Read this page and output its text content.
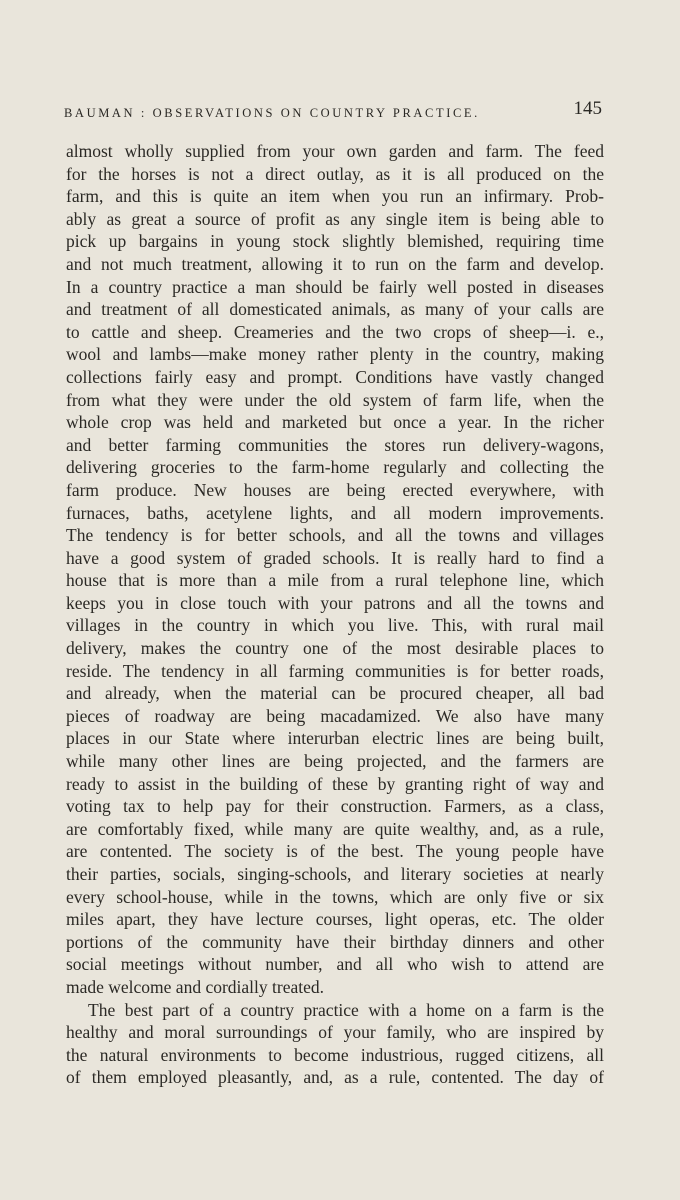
BAUMAN : OBSERVATIONS ON COUNTRY PRACTICE.	145
almost wholly supplied from your own garden and farm. The feed
for the horses is not a direct outlay, as it is all produced on the
farm, and this is quite an item when you run an infirmary. Prob-
ably as great a source of profit as any single item is being able to
pick up bargains in young stock slightly blemished, requiring time
and not much treatment, allowing it to run on the farm and develop.
In a country practice a man should be fairly well posted in diseases
and treatment of all domesticated animals, as many of your calls are
to cattle and sheep. Creameries and the two crops of sheep—i. e.,
wool and lambs—make money rather plenty in the country, making
collections fairly easy and prompt. Conditions have vastly changed
from what they were under the old system of farm life, when the
whole crop was held and marketed but once a year. In the richer
and better farming communities the stores run delivery-wagons,
delivering groceries to the farm-home regularly and collecting the
farm produce. New houses are being erected everywhere, with
furnaces, baths, acetylene lights, and all modern improvements.
The tendency is for better schools, and all the towns and villages
have a good system of graded schools. It is really hard to find a
house that is more than a mile from a rural telephone line, which
keeps you in close touch with your patrons and all the towns and
villages in the country in which you live. This, with rural mail
delivery, makes the country one of the most desirable places to
reside. The tendency in all farming communities is for better roads,
and already, when the material can be procured cheaper, all bad
pieces of roadway are being macadamized. We also have many
places in our State where interurban electric lines are being built,
while many other lines are being projected, and the farmers are
ready to assist in the building of these by granting right of way and
voting tax to help pay for their construction. Farmers, as a class,
are comfortably fixed, while many are quite wealthy, and, as a rule,
are contented. The society is of the best. The young people have
their parties, socials, singing-schools, and literary societies at nearly
every school-house, while in the towns, which are only five or six
miles apart, they have lecture courses, light operas, etc. The older
portions of the community have their birthday dinners and other
social meetings without number, and all who wish to attend are
made welcome and cordially treated.
The best part of a country practice with a home on a farm is the
healthy and moral surroundings of your family, who are inspired by
the natural environments to become industrious, rugged citizens, all
of them employed pleasantly, and, as a rule, contented. The day of
